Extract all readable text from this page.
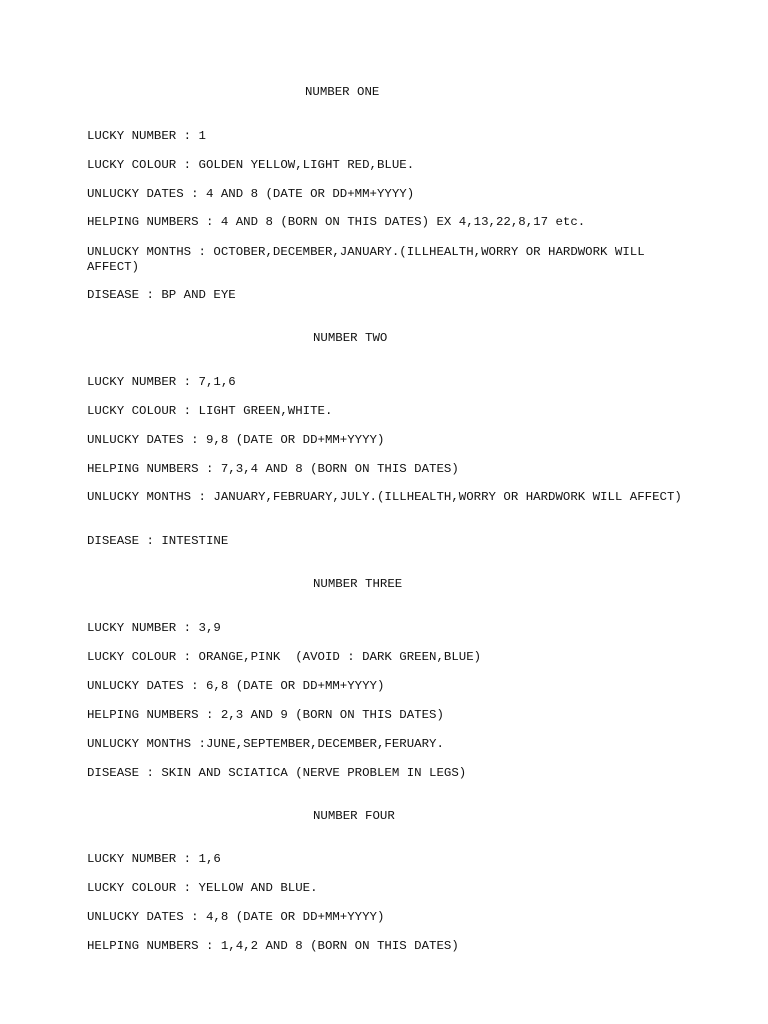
NUMBER ONE
LUCKY NUMBER : 1
LUCKY COLOUR : GOLDEN YELLOW,LIGHT RED,BLUE.
UNLUCKY DATES : 4 AND 8 (DATE OR DD+MM+YYYY)
HELPING NUMBERS : 4 AND 8 (BORN ON THIS DATES) EX 4,13,22,8,17 etc.
UNLUCKY MONTHS : OCTOBER,DECEMBER,JANUARY.(ILLHEALTH,WORRY OR HARDWORK WILL AFFECT)
DISEASE : BP AND EYE
NUMBER TWO
LUCKY NUMBER : 7,1,6
LUCKY COLOUR : LIGHT GREEN,WHITE.
UNLUCKY DATES : 9,8 (DATE OR DD+MM+YYYY)
HELPING NUMBERS : 7,3,4 AND 8 (BORN ON THIS DATES)
UNLUCKY MONTHS : JANUARY,FEBRUARY,JULY.(ILLHEALTH,WORRY OR HARDWORK WILL AFFECT)
DISEASE : INTESTINE
NUMBER THREE
LUCKY NUMBER : 3,9
LUCKY COLOUR : ORANGE,PINK  (AVOID : DARK GREEN,BLUE)
UNLUCKY DATES : 6,8 (DATE OR DD+MM+YYYY)
HELPING NUMBERS : 2,3 AND 9 (BORN ON THIS DATES)
UNLUCKY MONTHS :JUNE,SEPTEMBER,DECEMBER,FERUARY.
DISEASE : SKIN AND SCIATICA (NERVE PROBLEM IN LEGS)
NUMBER FOUR
LUCKY NUMBER : 1,6
LUCKY COLOUR : YELLOW AND BLUE.
UNLUCKY DATES : 4,8 (DATE OR DD+MM+YYYY)
HELPING NUMBERS : 1,4,2 AND 8 (BORN ON THIS DATES)
